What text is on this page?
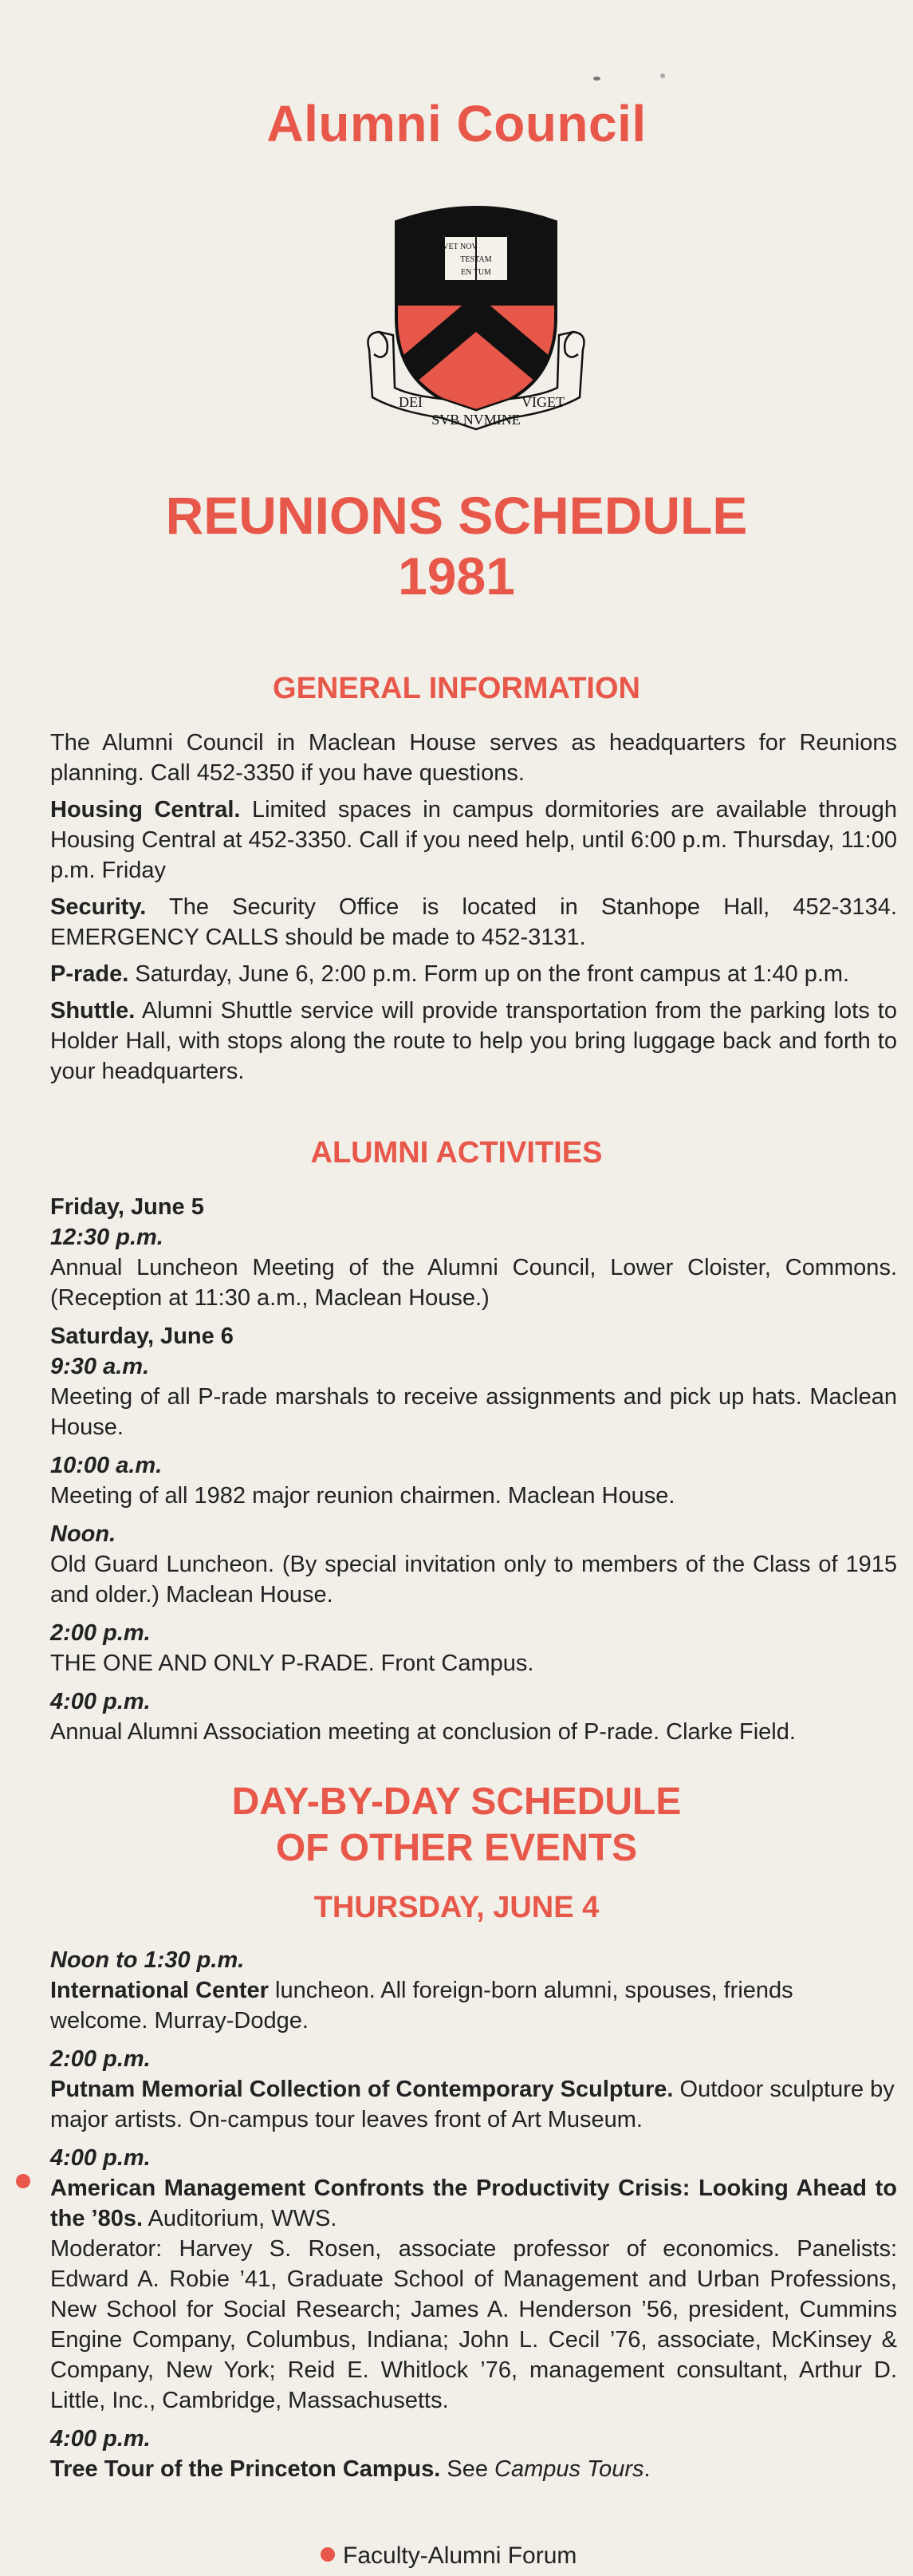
Alumni Council
VET NOV
TESTAM
EN TUM
DEI
SVB NVMINE
VIGET
REUNIONS SCHEDULE
1981
GENERAL INFORMATION

The Alumni Council in Maclean House serves as headquarters for Reunions planning. Call 452-3350 if you have questions.

Housing Central. Limited spaces in campus dormitories are available through Housing Central at 452-3350. Call if you need help, until 6:00 p.m. Thursday, 11:00 p.m. Friday

Security. The Security Office is located in Stanhope Hall, 452-3134. EMERGENCY CALLS should be made to 452-3131.

P-rade. Saturday, June 6, 2:00 p.m. Form up on the front campus at 1:40 p.m.

Shuttle. Alumni Shuttle service will provide transportation from the parking lots to Holder Hall, with stops along the route to help you bring luggage back and forth to your headquarters.

ALUMNI ACTIVITIES
Friday, June 5
12:30 p.m.
Annual Luncheon Meeting of the Alumni Council, Lower Cloister, Commons. (Reception at 11:30 a.m., Maclean House.)
Saturday, June 6
9:30 a.m.
Meeting of all P-rade marshals to receive assignments and pick up hats. Maclean House.
10:00 a.m.
Meeting of all 1982 major reunion chairmen. Maclean House.
Noon.
Old Guard Luncheon. (By special invitation only to members of the Class of 1915 and older.) Maclean House.
2:00 p.m.
THE ONE AND ONLY P-RADE. Front Campus.
4:00 p.m.
Annual Alumni Association meeting at conclusion of P-rade. Clarke Field.
DAY-BY-DAY SCHEDULE
OF OTHER EVENTS
THURSDAY, JUNE 4
Noon to 1:30 p.m.
International Center luncheon. All foreign-born alumni, spouses, friends welcome. Murray-Dodge.
2:00 p.m.
Putnam Memorial Collection of Contemporary Sculpture. Outdoor sculpture by major artists. On-campus tour leaves front of Art Museum.
4:00 p.m.
American Management Confronts the Productivity Crisis: Looking Ahead to the ’80s. Auditorium, WWS.
Moderator: Harvey S. Rosen, associate professor of economics. Panelists: Edward A. Robie ’41, Graduate School of Management and Urban Professions, New School for Social Research; James A. Henderson ’56, president, Cummins Engine Company, Columbus, Indiana; John L. Cecil ’76, associate, McKinsey & Company, New York; Reid E. Whitlock ’76, management consultant, Arthur D. Little, Inc., Cambridge, Massachusetts.
4:00 p.m.
Tree Tour of the Princeton Campus. See Campus Tours.
Faculty-Alumni Forum
